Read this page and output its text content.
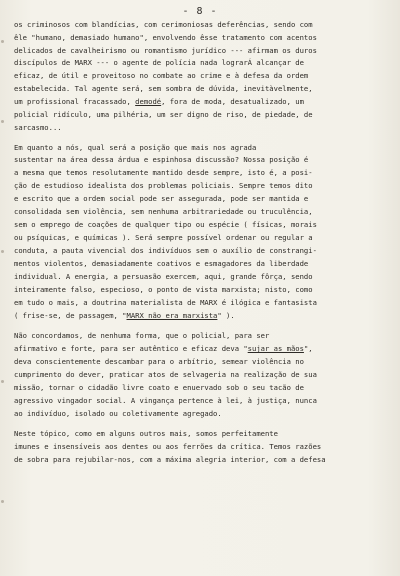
- 8 -
os criminosos com blandícias, com cerimoniosas deferências, sendo com
êle "humano, demasiado humano", envolvendo êsse tratamento com acentos
delicados de cavalheirismo ou romantismo jurídico --- afirmam os duros
discípulos de MARX --- o agente de polícia nada lograrÁ alcançar de
eficaz, de útil e proveitoso no combate ao crime e à defesa da ordem
estabelecida. Tal agente será, sem sombra de dúvida, inevitàvelmente,
um profissional fracassado, demodé, fora de moda, desatualizado, um
policial ridículo, uma pilhéria, um ser digno de riso, de piedade, de
sarcasmo...
Em quanto a nós, qual será a posição que mais nos agrada
sustentar na área dessa árdua e espinhosa discussão? Nossa posição é
a mesma que temos resolutamente mantido desde sempre, isto é, a posi-
ção de estudioso idealista dos problemas policiais. Sempre temos dito
e escrito que a ordem social pode ser assegurada, pode ser mantida e
consolidada sem violência, sem nenhuma arbitrariedade ou truculência,
sem o emprego de coações de qualquer tipo ou espécie ( físicas, morais
ou psíquicas, e químicas ). Será sempre possível ordenar ou regular a
conduta, a pauta vivencial dos indivíduos sem o auxílio de constrangi-
mentos violentos, demasiadamente coativos e esmagadores da liberdade
individual. A energia, a persuasão exercem, aqui, grande fôrça, sendo
inteiramente falso, especioso, o ponto de vista marxista; nisto, como
em tudo o mais, a doutrina materialista de MARX é ilógica e fantasista
( frise-se, de passagem, "MARX não era marxista" ).
Não concordamos, de nenhuma forma, que o policial, para ser
afirmativo e forte, para ser autêntico e eficaz deva "sujar as mãos",
deva conscientemente descambar para o arbítrio, semear violência no
cumprimento do dever, praticar atos de selvageria na realização de sua
missão, tornar o cidadão livre coato e enuervado sob o seu tacão de
agressivo vingador social. A vingança pertence à lei, à justiça, nunca
ao indivíduo, isolado ou coletivamente agregado.
Neste tópico, como em alguns outros mais, somos perfeitamente
imunes e insensíveis aos dentes ou aos ferrões da crítica. Temos razões
de sobra para rejubilar-nos, com a máxima alegria interior, com a defesa
